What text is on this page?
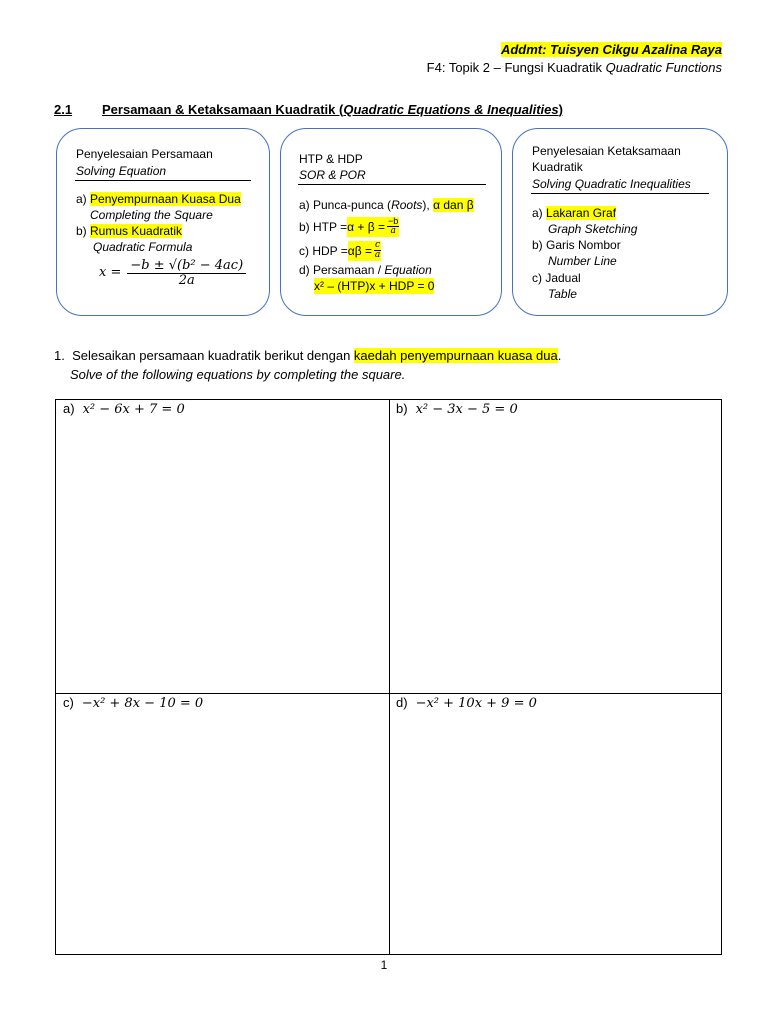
Addmt: Tuisyen Cikgu Azalina Raya
F4: Topik 2 – Fungsi Kuadratik Quadratic Functions
2.1 Persamaan & Ketaksamaan Kuadratik (Quadratic Equations & Inequalities)
Penyelesaian Persamaan
Solving Equation
a) Penyempurnaan Kuasa Dua
Completing the Square
b) Rumus Kuadratik
Quadratic Formula
$x = \frac{\text{−b ± √(b² − 4ac)}}{2a}$
HTP & HDP
SOR & POR
a) Punca-punca (Roots), α dan β
b) HTP = $\alpha + \beta = \frac{-b}{a}$
c) HDP = $\alpha\beta = \frac{c}{a}$
d) Persamaan / Equation
x² – (HTP)x + HDP = 0
Penyelesaian Ketaksamaan
Kuadratik
Solving Quadratic Inequalities
a) Lakaran Graf
Graph Sketching
b) Garis Nombor
Number Line
c) Jadual
Table
1. Selesaikan persamaan kuadratik berikut dengan kaedah penyempurnaan kuasa dua.
Solve of the following equations by completing the square.
a) x² − 6x + 7 = 0	b) x² − 3x − 5 = 0
c) −x² + 8x − 10 = 0	d) −x² + 10x + 9 = 0
1
